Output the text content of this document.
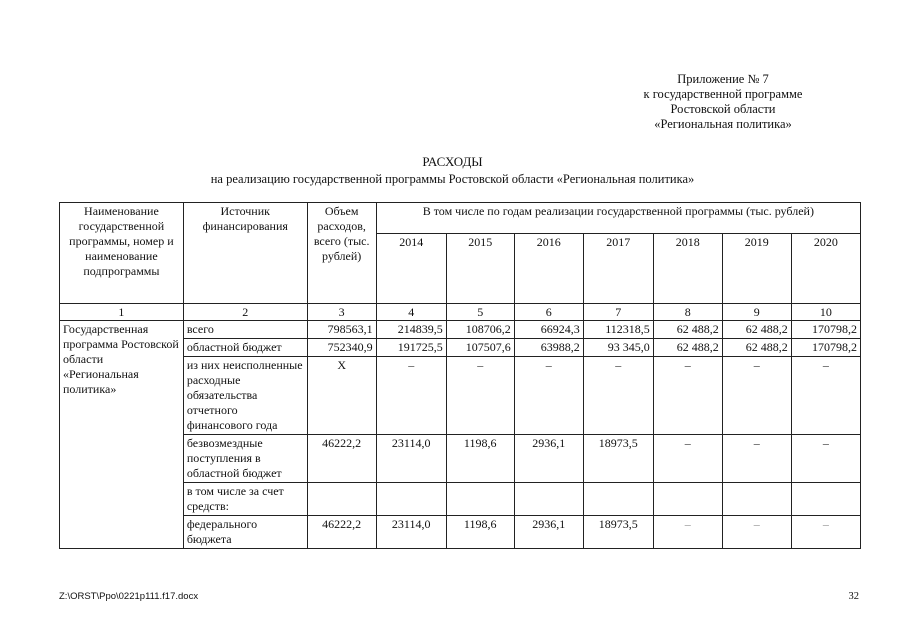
Приложение № 7
к государственной программе
Ростовской области
«Региональная политика»
РАСХОДЫ
на реализацию государственной программы Ростовской области «Региональная политика»
Наименование государственной программы, номер и наименование подпрограммы	Источник финансирования	Объем расходов, всего (тыс. рублей)	В том числе по годам реализации государственной программы (тыс. рублей)						
			2014	2015	2016	2017	2018	2019	2020
1	2	3	4	5	6	7	8	9	10
Государственная программа Ростовской области «Региональная политика»	всего	798563,1	214839,5	108706,2	66924,3	112318,5	62 488,2	62 488,2	170798,2
	областной бюджет	752340,9	191725,5	107507,6	63988,2	93 345,0	62 488,2	62 488,2	170798,2
	из них неисполненные расходные обязательства отчетного финансового года	X	–	–	–	–	–	–	–
	безвозмездные поступления в областной бюджет	46222,2	23114,0	1198,6	2936,1	18973,5	–	–	–
	в том числе за счет средств:								
	федерального бюджета	46222,2	23114,0	1198,6	2936,1	18973,5	–	–	–
Z:\ORST\Ppo\0221p111.f17.docx	32
